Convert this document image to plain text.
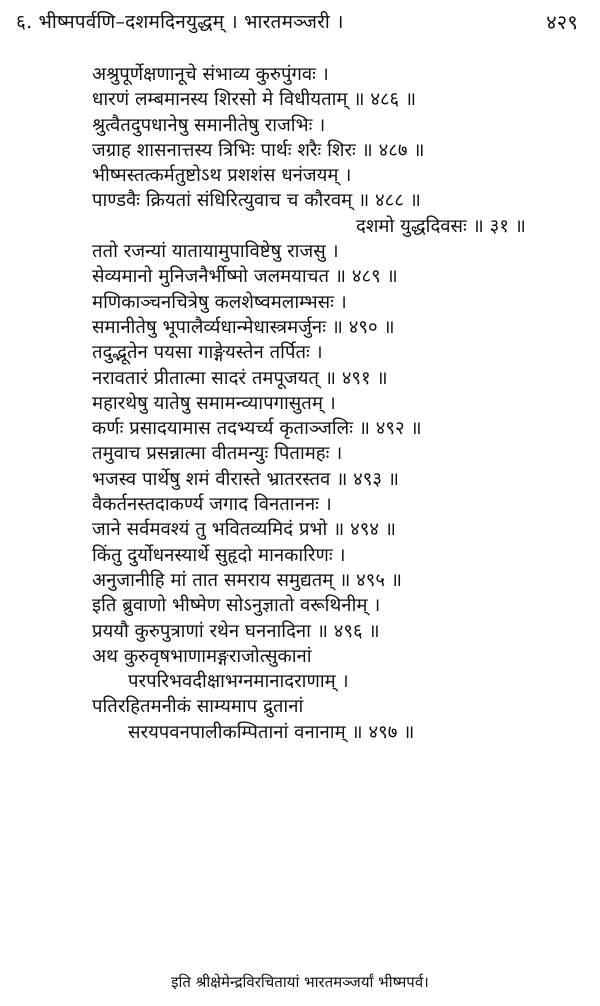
६. भीष्मपर्वणि–दशमदिनयुद्धम् । भारतमञ्जरी ।	४२९
अश्रुपूर्णेक्षणानूचे संभाव्य कुरुपुंगवः ।
धारणं लम्बमानस्य शिरसो मे विधीयताम् ॥ ४८६ ॥
श्रुत्वैतदुपधानेषु समानीतेषु राजभिः ।
जग्राह शासनात्तस्य त्रिभिः पार्थः शरैः शिरः ॥ ४८७ ॥
भीष्मस्तत्कर्मतुष्टोऽथ प्रशशंस धनंजयम् ।
पाण्डवैः क्रियतां संधिरित्युवाच च कौरवम् ॥ ४८८ ॥
दशमो युद्धदिवसः ॥ ३१ ॥
ततो रजन्यां यातायामुपाविष्टेषु राजसु ।
सेव्यमानो मुनिजनैर्भीष्मो जलमयाचत ॥ ४८९ ॥
मणिकाञ्चनचित्रेषु कलशेष्वमलाम्भसः ।
समानीतेषु भूपालैर्व्यधान्मेधास्त्रमर्जुनः ॥ ४९० ॥
तदुद्भूतेन पयसा गाङ्गेयस्तेन तर्पितः ।
नरावतारं प्रीतात्मा सादरं तमपूजयत् ॥ ४९१ ॥
महारथेषु यातेषु समामन्व्यापगासुतम् ।
कर्णः प्रसादयामास तदभ्यर्च्य कृताञ्जलिः ॥ ४९२ ॥
तमुवाच प्रसन्नात्मा वीतमन्युः पितामहः ।
भजस्व पार्थेषु शमं वीरास्ते भ्रातरस्तव ॥ ४९३ ॥
वैकर्तनस्तदाकर्ण्य जगाद विनताननः ।
जाने सर्वमवश्यं तु भवितव्यमिदं प्रभो ॥ ४९४ ॥
किंतु दुर्योधनस्यार्थे सुहृदो मानकारिणः ।
अनुजानीहि मां तात समराय समुद्यतम् ॥ ४९५ ॥
इति ब्रुवाणो भीष्मेण सोऽनुज्ञातो वरूथिनीम् ।
प्रययौ कुरुपुत्राणां रथेन घननादिना ॥ ४९६ ॥
अथ कुरुवृषभाणामङ्गराजोत्सुकानां
परपरिभवदीक्षाभग्नमानादराणाम् ।
पतिरहितमनीकं साम्यमाप द्रुतानां
सरयपवनपालीकम्पितानां वनानाम् ॥ ४९७ ॥
इति श्रीक्षेमेन्द्रविरचितायां भारतमञ्जर्यां भीष्मपर्व।
